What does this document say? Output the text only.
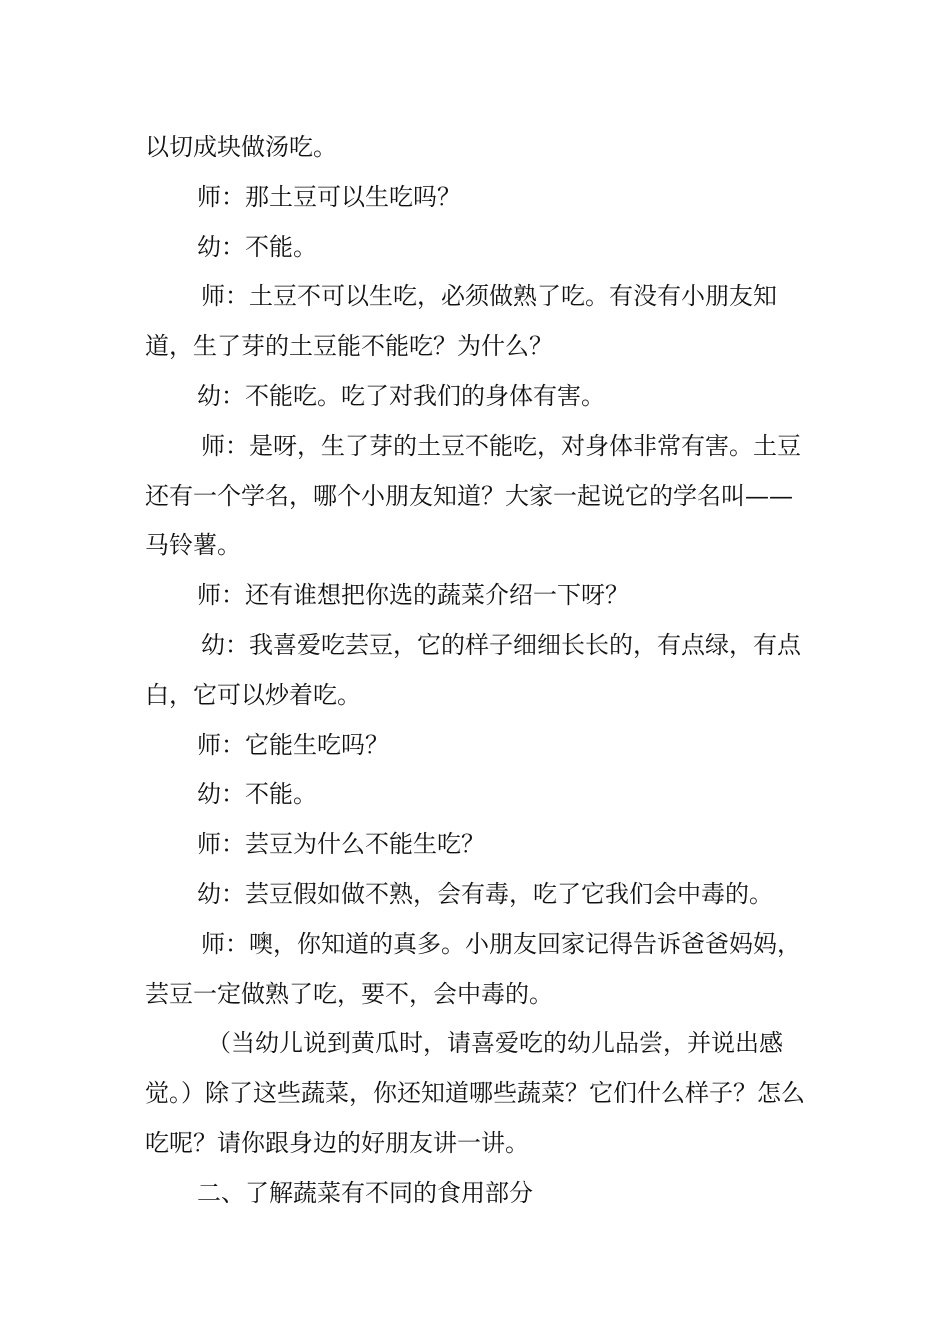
以切成块做汤吃。

师：那土豆可以生吃吗？

幼：不能。

师：土豆不可以生吃，必须做熟了吃。有没有小朋友知道，生了芽的土豆能不能吃？为什么？

幼：不能吃。吃了对我们的身体有害。

师：是呀，生了芽的土豆不能吃，对身体非常有害。土豆还有一个学名，哪个小朋友知道？大家一起说它的学名叫——马铃薯。

师：还有谁想把你选的蔬菜介绍一下呀？

幼：我喜爱吃芸豆，它的样子细细长长的，有点绿，有点白，它可以炒着吃。

师：它能生吃吗？

幼：不能。

师：芸豆为什么不能生吃？

幼：芸豆假如做不熟，会有毒，吃了它我们会中毒的。

师：噢，你知道的真多。小朋友回家记得告诉爸爸妈妈，芸豆一定做熟了吃，要不，会中毒的。

（当幼儿说到黄瓜时，请喜爱吃的幼儿品尝，并说出感觉。）除了这些蔬菜，你还知道哪些蔬菜？它们什么样子？怎么吃呢？请你跟身边的好朋友讲一讲。

二、了解蔬菜有不同的食用部分
